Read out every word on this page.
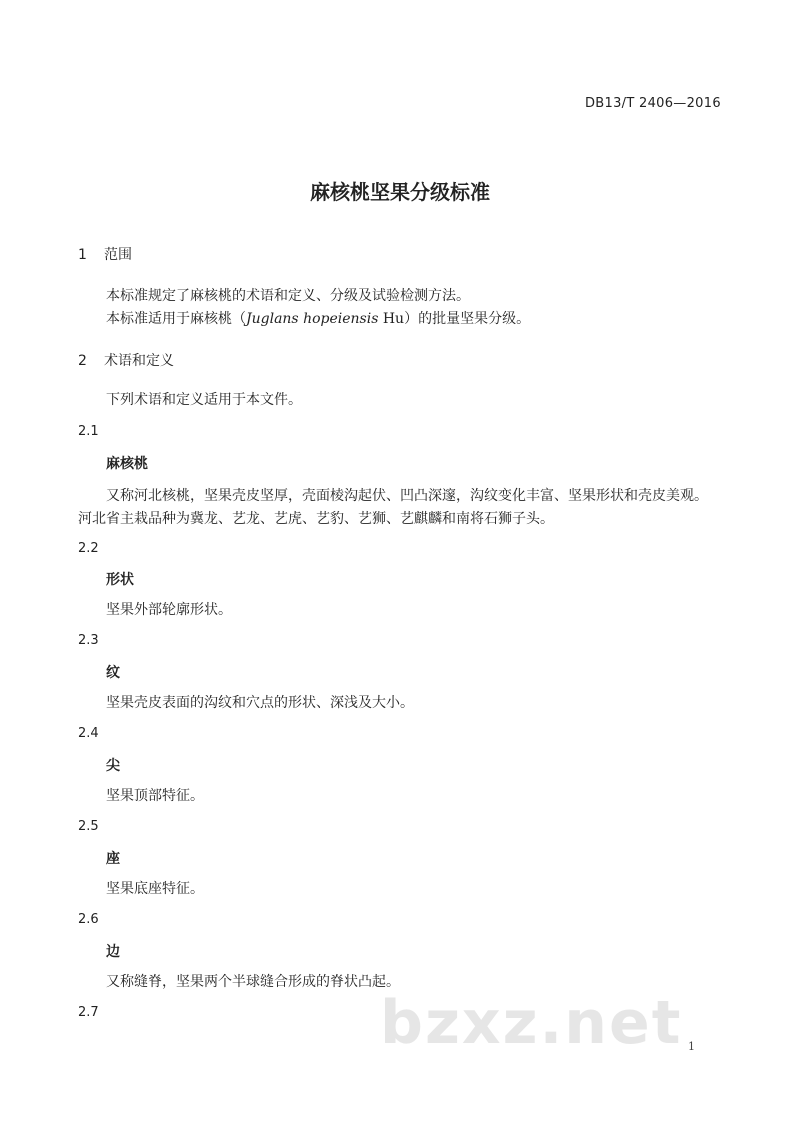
DB13/T 2406—2016
麻核桃坚果分级标准
1 范围
本标准规定了麻核桃的术语和定义、分级及试验检测方法。
本标准适用于麻核桃（Juglans hopeiensis Hu）的批量坚果分级。
2 术语和定义
下列术语和定义适用于本文件。
2.1
麻核桃
又称河北核桃，坚果壳皮坚厚，壳面棱沟起伏、凹凸深邃，沟纹变化丰富、坚果形状和壳皮美观。
河北省主栽品种为冀龙、艺龙、艺虎、艺豹、艺狮、艺麒麟和南将石狮子头。
2.2
形状
坚果外部轮廓形状。
2.3
纹
坚果壳皮表面的沟纹和穴点的形状、深浅及大小。
2.4
尖
坚果顶部特征。
2.5
座
坚果底座特征。
2.6
边
又称缝脊，坚果两个半球缝合形成的脊状凸起。
2.7	bzxz.net 1
